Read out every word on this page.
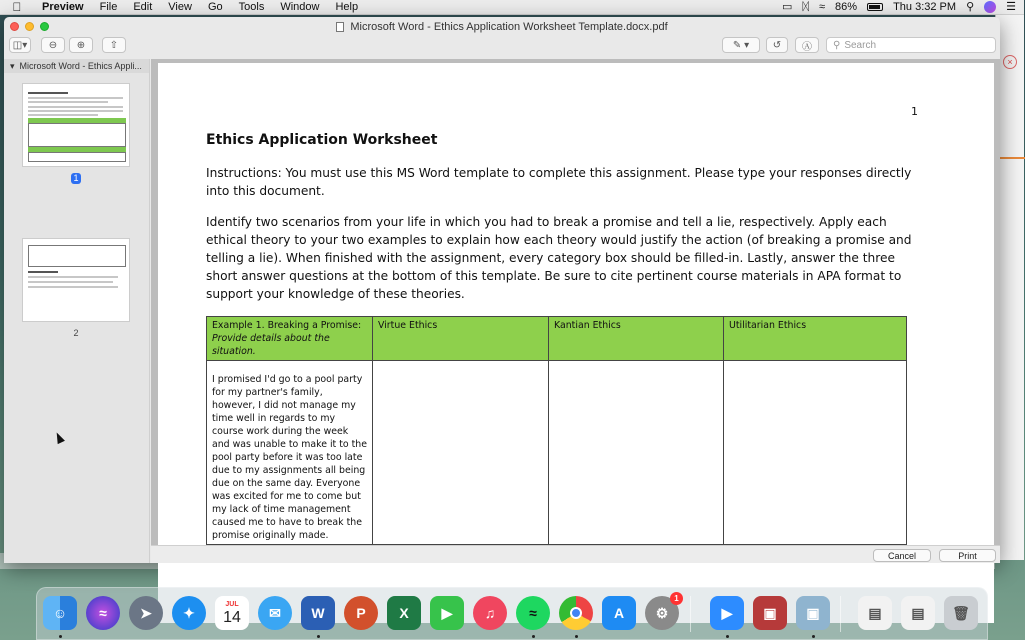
Preview	File	Edit	View	Go	Tools	Window	Help	▭ ᛞ ≈ 86%	Thu 3:32 PM ⚲	☰
×
Microsoft Word - Ethics Application Worksheet Template.docx.pdf
◫▾	⊖	⊕	⇧	✎ ▾	↺	Ⓐ	⚲ Search
▾ Microsoft Word - Ethics Appli...
1
2
1
Ethics Application Worksheet
Instructions: You must use this MS Word template to complete this assignment. Please type your responses directly into this document.
Identify two scenarios from your life in which you had to break a promise and tell a lie, respectively. Apply each ethical theory to your two examples to explain how each theory would justify the action (of breaking a promise and telling a lie). When finished with the assignment, every category box should be filled-in. Lastly, answer the three short answer questions at the bottom of this template. Be sure to cite pertinent course materials in APA format to support your knowledge of these theories.
Example 1. Breaking a Promise:
Provide details about the situation.	Virtue Ethics	Kantian Ethics	Utilitarian Ethics
I promised I'd go to a pool party for my partner's family, however, I did not manage my time well in regards to my course work during the week and was unable to make it to the pool party before it was too late due to my assignments all being due on the same day. Everyone was excited for me to come but my lack of time management caused me to have to break the promise originally made.			

Cancel	Print
☺	≈	➤	✦
JUL
14	✉	W	P	X	▶	♫	≈	A	⚙
1
▶	▣	▣	▤	▤	🗑
